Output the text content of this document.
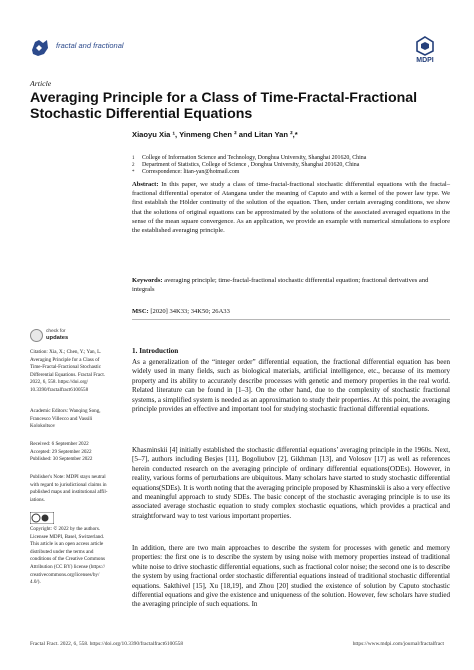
fractal and fractional
MDPI
Article
Averaging Principle for a Class of Time-Fractal-Fractional Stochastic Differential Equations
Xiaoyu Xia ¹, Yinmeng Chen ² and Litan Yan ²,*
1	College of Information Science and Technology, Donghua University, Shanghai 201620, China
2	Department of Statistics, College of Science , Donghua University, Shanghai 201620, China
*	Correspondence: litan-yan@hotmail.com
Abstract: In this paper, we study a class of time-fractal-fractional stochastic differential equations with the fractal–fractional differential operator of Atangana under the meaning of Caputo and with a kernel of the power law type. We first establish the Hölder continuity of the solution of the equation. Then, under certain averaging conditions, we show that the solutions of original equations can be approximated by the solutions of the associated averaged equations in the sense of the mean square convergence. As an application, we provide an example with numerical simulations to explore the established averaging principle.
Keywords: averaging principle; time-fractal-fractional stochastic differential equation; fractional derivatives and integrals
MSC: [2020] 34K33; 34K50; 26A33
check for
updates
Citation: Xia, X.; Chen, Y.; Yan, L.
Averaging Principle for a Class of
Time-Fractal-Fractional Stochastic
Differential Equations. Fractal Fract.
2022, 6, 558. https://doi.org/
10.3390/fractalfract6100558
Academic Editors: Wanqing Song,
Francesco Villecco and Vassili
Kolokoltsov
Received: 6 September 2022
Accepted: 29 September 2022
Published: 30 September 2022
Publisher's Note: MDPI stays neutral
with regard to jurisdictional claims in
published maps and institutional affil-
iations.
Copyright: © 2022 by the authors.
Licensee MDPI, Basel, Switzerland.
This article is an open access article
distributed under the terms and
conditions of the Creative Commons
Attribution (CC BY) license (https://
creativecommons.org/licenses/by/
4.0/).
1. Introduction
As a generalization of the “integer order” differential equation, the fractional differential equation has been widely used in many fields, such as biological materials, artificial intelligence, etc., because of its memory property and its ability to accurately describe processes with genetic and memory properties in the real world. Related literature can be found in [1–3]. On the other hand, due to the complexity of stochastic fractional systems, a simplified system is needed as an approximation to study their properties. At this point, the averaging principle provides an effective and important tool for studying stochastic fractional differential equations.
Khasminskii [4] initially established the stochastic differential equations’ averaging principle in the 1960s. Next, [5–7], authors including Besjes [11], Bogoliubov [2], Gikhman [13], and Volosov [17] as well as references herein conducted research on the averaging principle of ordinary differential equations(ODEs). However, in reality, various forms of perturbations are ubiquitous. Many scholars have started to study stochastic differential equations(SDEs). It is worth noting that the averaging principle proposed by Khasminskii is also a very effective and meaningful approach to study SDEs. The basic concept of the stochastic averaging principle is to use its associated average stochastic equation to study complex stochastic equations, which provides a practical and straightforward way to test various important properties.
In addition, there are two main approaches to describe the system for processes with genetic and memory properties: the first one is to describe the system by using noise with memory properties instead of traditional white noise to drive stochastic differential equations, such as fractional color noise; the second one is to describe the system by using fractional order stochastic differential equations instead of traditional stochastic differential equations. Sakthivel [15], Xu [18,19], and Zhou [20] studied the existence of solution by Caputo stochastic differential equations and give the existence and uniqueness of the solution. However, few scholars have studied the averaging principle of such equations. In
Fractal Fract. 2022, 6, 558. https://doi.org/10.3390/fractalfract6100558	https://www.mdpi.com/journal/fractalfract
